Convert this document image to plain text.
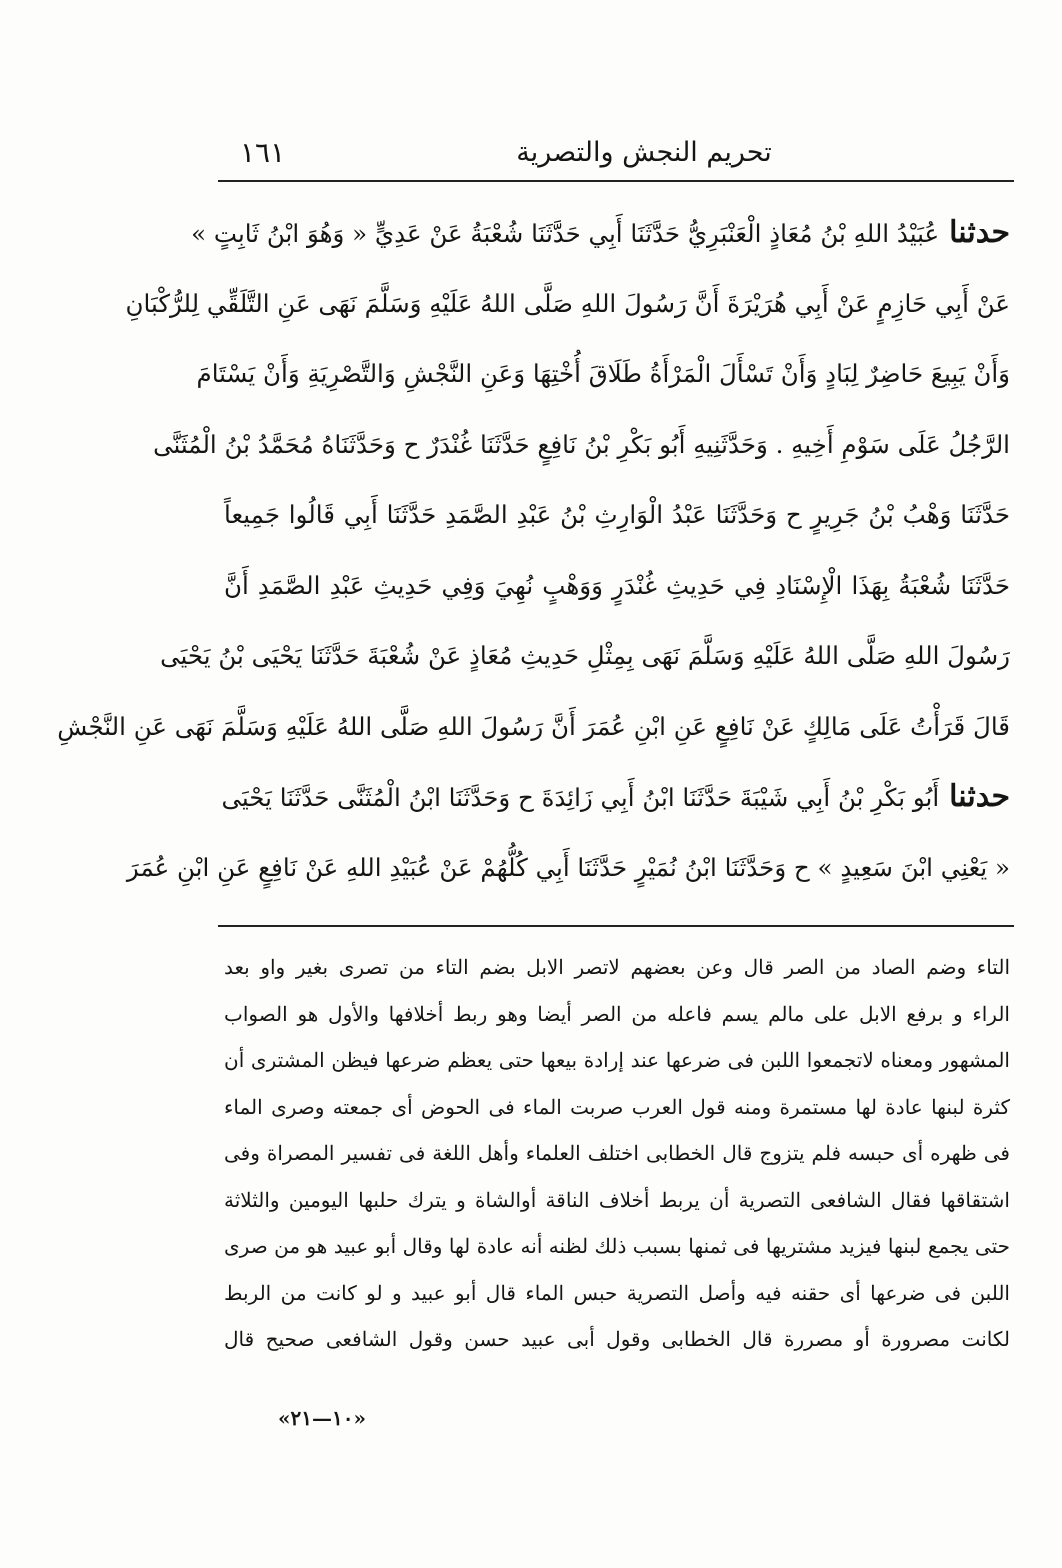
تحريم النجش والتصرية
١٦١
حدثناعُبَيْدُ اللهِ بْنُ مُعَاذٍ الْعَنْبَرِيُّ حَدَّثَنَا أَبِي حَدَّثَنَا شُعْبَةُ عَنْ عَدِيٍّ « وَهُوَ ابْنُ ثَابِتٍ »
عَنْ أَبِي حَازِمٍ عَنْ أَبِي هُرَيْرَةَ أَنَّ رَسُولَ اللهِ صَلَّى اللهُ عَلَيْهِ وَسَلَّمَ نَهَى عَنِ التَّلَقِّي لِلرُّكْبَانِ
وَأَنْ يَبِيعَ حَاضِرٌ لِبَادٍ وَأَنْ تَسْأَلَ الْمَرْأَةُ طَلَاقَ أُخْتِهَا وَعَنِ النَّجْشِ وَالتَّصْرِيَةِ وَأَنْ يَسْتَامَ
الرَّجُلُ عَلَى سَوْمِ أَخِيهِ . وَحَدَّثَنِيهِ أَبُو بَكْرِ بْنُ نَافِعٍ حَدَّثَنَا غُنْدَرٌ ح وَحَدَّثَنَاهُ مُحَمَّدُ بْنُ الْمُثَنَّى
حَدَّثَنَا وَهْبُ بْنُ جَرِيرٍ ح وَحَدَّثَنَا عَبْدُ الْوَارِثِ بْنُ عَبْدِ الصَّمَدِ حَدَّثَنَا أَبِي قَالُوا جَمِيعاً
حَدَّثَنَا شُعْبَةُ بِهَذَا الْإِسْنَادِ فِي حَدِيثِ غُنْدَرٍ وَوَهْبٍ نُهِيَ وَفِي حَدِيثِ عَبْدِ الصَّمَدِ أَنَّ
رَسُولَ اللهِ صَلَّى اللهُ عَلَيْهِ وَسَلَّمَ نَهَى بِمِثْلِ حَدِيثِ مُعَاذٍ عَنْ شُعْبَةَ حَدَّثَنَا يَحْيَى بْنُ يَحْيَى
قَالَ قَرَأْتُ عَلَى مَالِكٍ عَنْ نَافِعٍ عَنِ ابْنِ عُمَرَ أَنَّ رَسُولَ اللهِ صَلَّى اللهُ عَلَيْهِ وَسَلَّمَ نَهَى عَنِ النَّجْشِ
حدثناأَبُو بَكْرِ بْنُ أَبِي شَيْبَةَ حَدَّثَنَا ابْنُ أَبِي زَائِدَةَ ح وَحَدَّثَنَا ابْنُ الْمُثَنَّى حَدَّثَنَا يَحْيَى
« يَعْنِي ابْنَ سَعِيدٍ » ح وَحَدَّثَنَا ابْنُ نُمَيْرٍ حَدَّثَنَا أَبِي كُلُّهُمْ عَنْ عُبَيْدِ اللهِ عَنْ نَافِعٍ عَنِ ابْنِ عُمَرَ
التاء وضم الصاد من الصر قال وعن بعضهم لاتصر الابل بضم التاء من تصرى بغير واو بعد
الراء و برفع الابل على مالم يسم فاعله من الصر أيضا وهو ربط أخلافها والأول هو الصواب
المشهور ومعناه لاتجمعوا اللبن فى ضرعها عند إرادة بيعها حتى يعظم ضرعها فيظن المشترى أن
كثرة لبنها عادة لها مستمرة ومنه قول العرب صربت الماء فى الحوض أى جمعته وصرى الماء
فى ظهره أى حبسه فلم يتزوج قال الخطابى اختلف العلماء وأهل اللغة فى تفسير المصراة وفى
اشتقاقها فقال الشافعى التصرية أن يربط أخلاف الناقة أوالشاة و يترك حلبها اليومين والثلاثة
حتى يجمع لبنها فيزيد مشتريها فى ثمنها بسبب ذلك لظنه أنه عادة لها وقال أبو عبيد هو من صرى
اللبن فى ضرعها أى حقنه فيه وأصل التصرية حبس الماء قال أبو عبيد و لو كانت من الربط
لكانت مصرورة أو مصررة قال الخطابى وقول أبى عبيد حسن وقول الشافعى صحيح قال
«١٠—٢١»
